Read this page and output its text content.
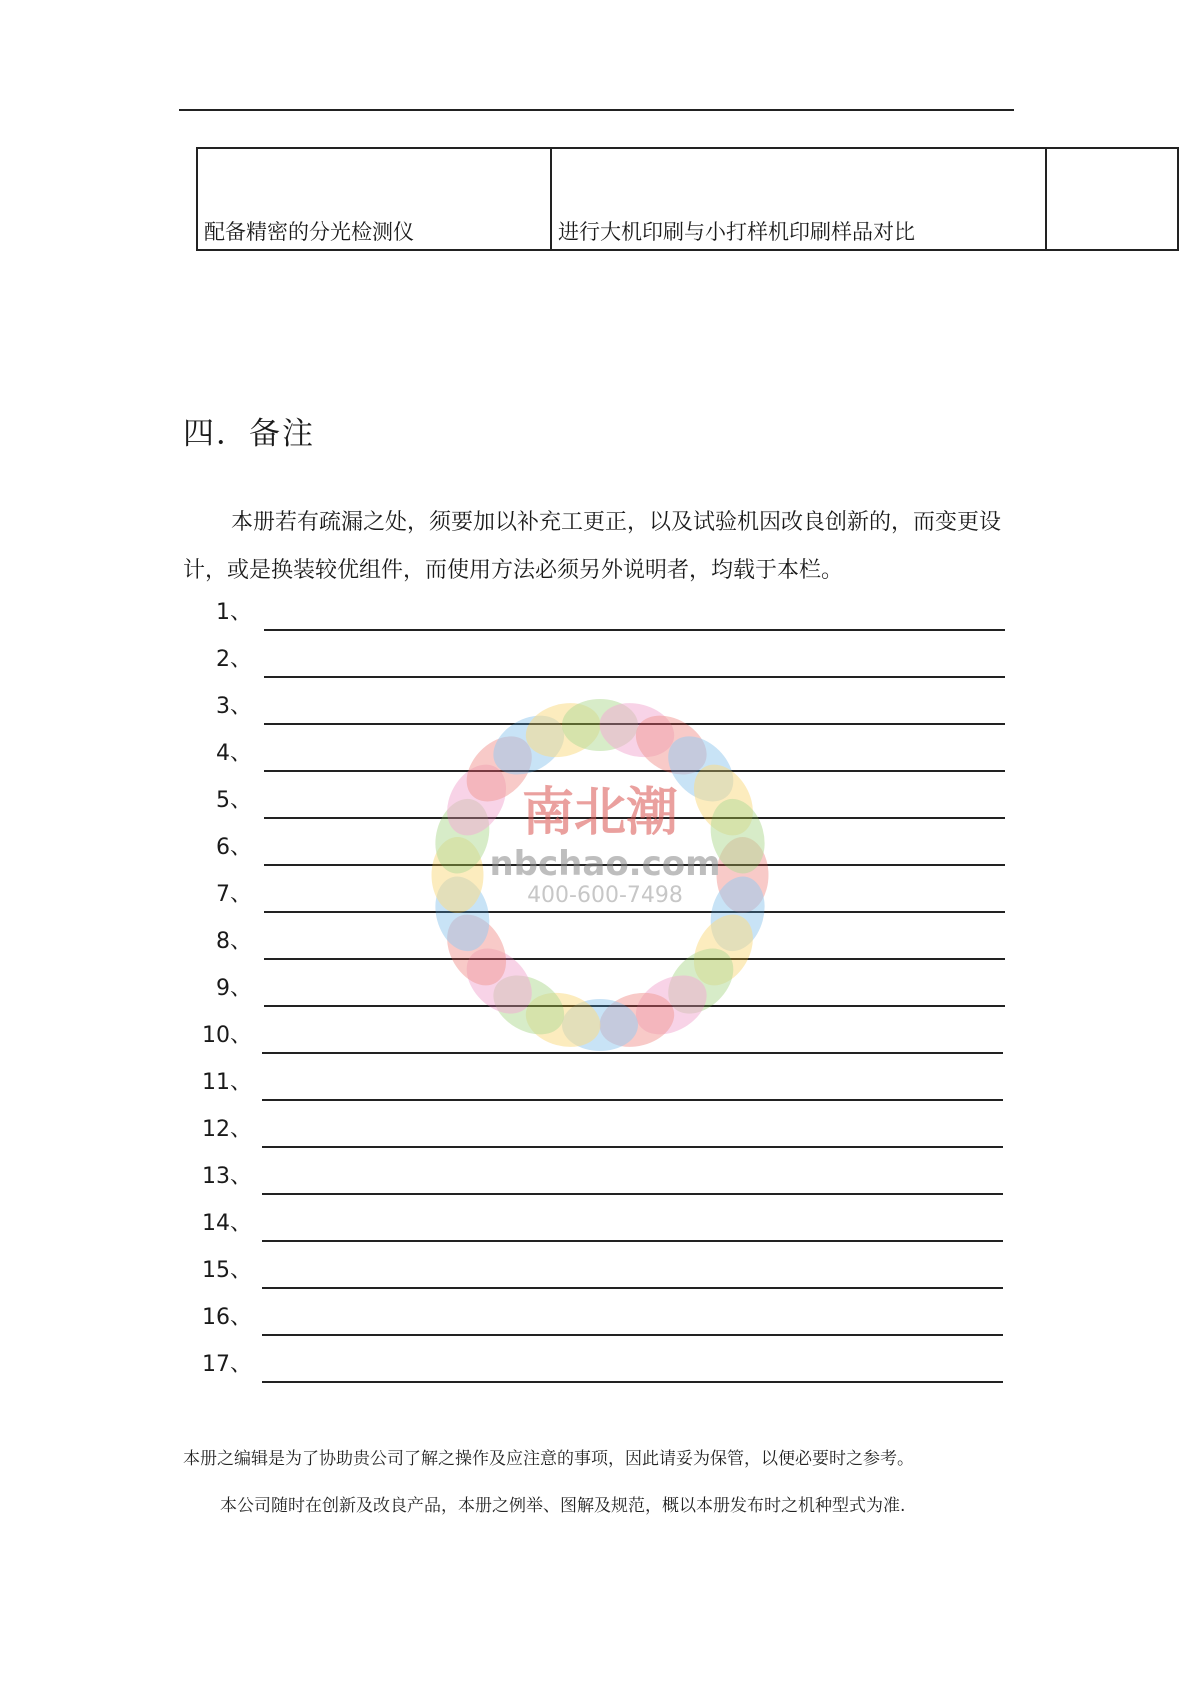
配备精密的分光检测仪	进行大机印刷与小打样机印刷样品对比	
四．备注

本册若有疏漏之处，须要加以补充工更正，以及试验机因改良创新的，而变更设计，或是换装较优组件，而使用方法必须另外说明者，均载于本栏。

1、
2、
3、
4、
5、
6、
7、
8、
9、
10、
11、
12、
13、
14、
15、
16、
17、
南北潮
nbchao.com
400-600-7498

本册之编辑是为了协助贵公司了解之操作及应注意的事项，因此请妥为保管，以便必要时之参考。

本公司随时在创新及改良产品，本册之例举、图解及规范，概以本册发布时之机种型式为准.
